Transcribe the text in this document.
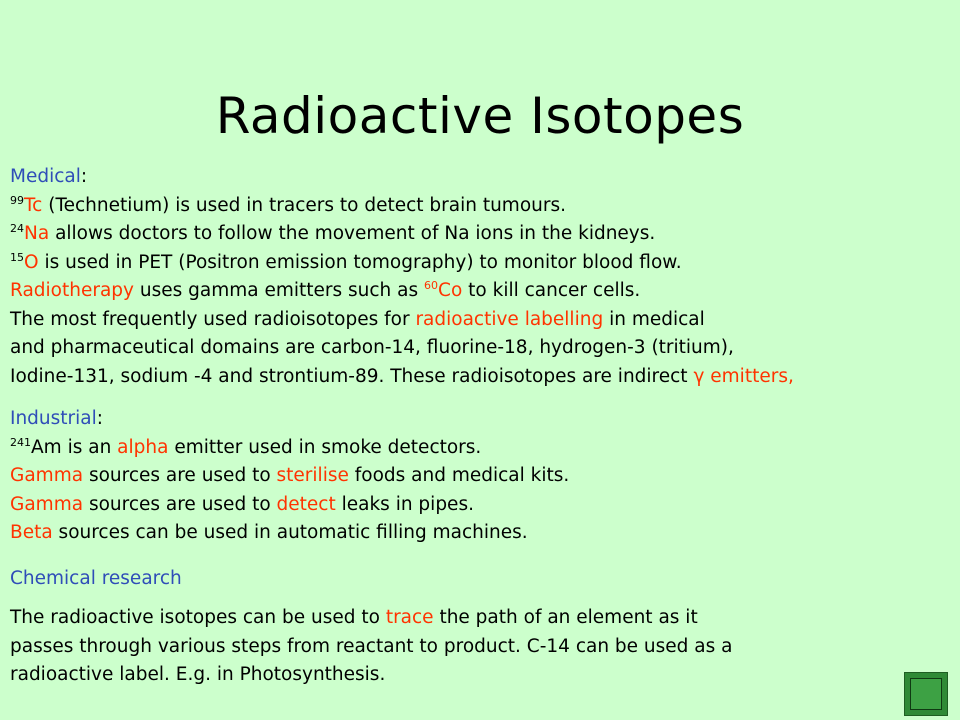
Radioactive Isotopes
Medical:
$^{99}$Tc (Technetium) is used in tracers to detect brain tumours.
$^{24}$Na allows doctors to follow the movement of Na ions in the kidneys.
$^{15}$O is used in PET (Positron emission tomography) to monitor blood flow.
Radiotherapy uses gamma emitters such as $^{60}$Co to kill cancer cells.
The most frequently used radioisotopes for radioactive labelling in medical
and pharmaceutical domains are carbon-14, fluorine-18, hydrogen-3 (tritium),
Iodine-131, sodium -4 and strontium-89. These radioisotopes are indirect γ emitters,
Industrial:
$^{241}$Am is an alpha emitter used in smoke detectors.
Gamma sources are used to sterilise foods and medical kits.
Gamma sources are used to detect leaks in pipes.
Beta sources can be used in automatic filling machines.
Chemical research
The radioactive isotopes can be used to trace the path of an element as it
passes through various steps from reactant to product. C-14 can be used as a
radioactive label. E.g. in Photosynthesis.
